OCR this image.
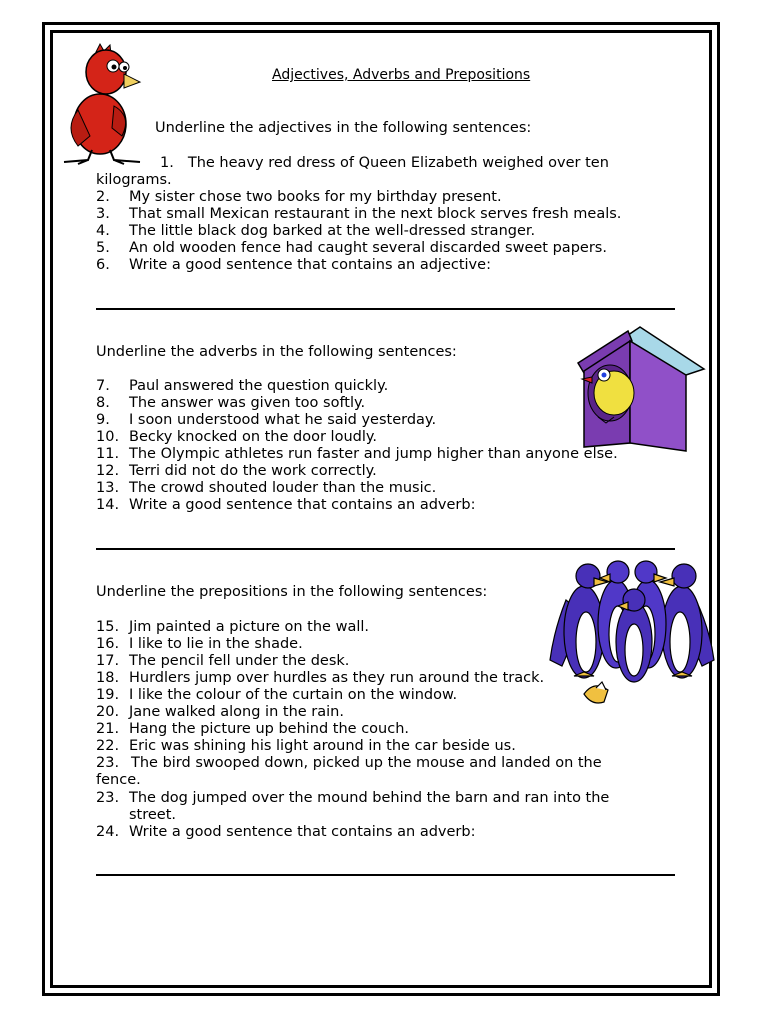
Adjectives, Adverbs and Prepositions
Underline the adjectives in the following sentences:
1. The heavy red dress of Queen Elizabeth weighed over ten
kilograms.
2. My sister chose two books for my birthday present.
3. That small Mexican restaurant in the next block serves fresh meals.
4. The little black dog barked at the well-dressed stranger.
5. An old wooden fence had caught several discarded sweet papers.
6. Write a good sentence that contains an adjective:
Underline the adverbs in the following sentences:
7. Paul answered the question quickly.
8. The answer was given too softly.
9. I soon understood what he said yesterday.
10. Becky knocked on the door loudly.
11. The Olympic athletes run faster and jump higher than anyone else.
12. Terri did not do the work correctly.
13. The crowd shouted louder than the music.
14. Write a good sentence that contains an adverb:
Underline the prepositions in the following sentences:
15. Jim painted a picture on the wall.
16. I like to lie in the shade.
17. The pencil fell under the desk.
18. Hurdlers jump over hurdles as they run around the track.
19. I like the colour of the curtain on the window.
20. Jane walked along in the rain.
21. Hang the picture up behind the couch.
22. Eric was shining his light around in the car beside us.
23. The bird swooped down, picked up the mouse and landed on the
fence.
23. The dog jumped over the mound behind the barn and ran into the
street.
24. Write a good sentence that contains an adverb:
